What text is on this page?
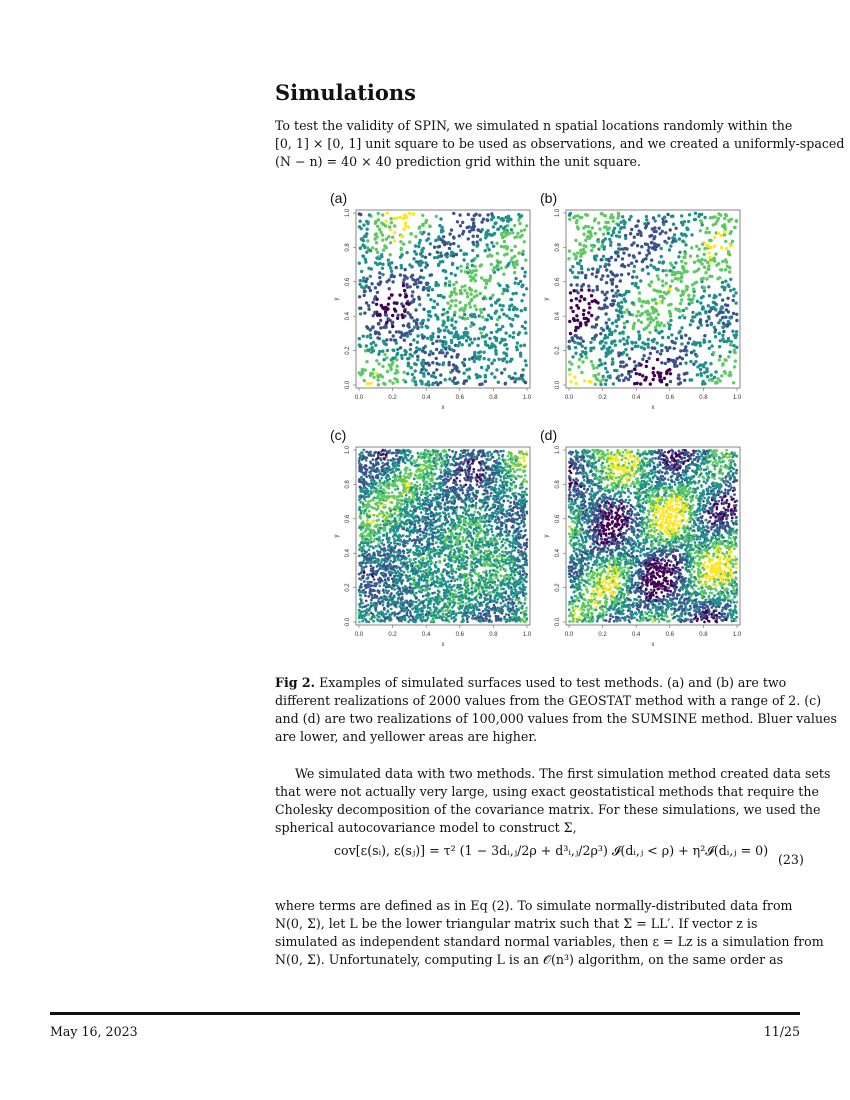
Simulations
To test the validity of SPIN, we simulated n spatial locations randomly within the
[0, 1] × [0, 1] unit square to be used as observations, and we created a uniformly-spaced
(N − n) = 40 × 40 prediction grid within the unit square.
(a)
0.0	0.2	0.4	0.6	0.8	1.0
0.0
0.2
0.4
0.6
0.8
1.0
x
y
(b)
0.0	0.2	0.4	0.6	0.8	1.0
0.0
0.2
0.4
0.6
0.8
1.0
x
y
(c)
0.0	0.2	0.4	0.6	0.8	1.0
0.0
0.2
0.4
0.6
0.8
1.0
x
y
(d)
0.0	0.2	0.4	0.6	0.8	1.0
0.0
0.2
0.4
0.6
0.8
1.0
x
y
Fig 2. Examples of simulated surfaces used to test methods. (a) and (b) are two
different realizations of 2000 values from the GEOSTAT method with a range of 2. (c)
and (d) are two realizations of 100,000 values from the SUMSINE method. Bluer values
are lower, and yellower areas are higher.
We simulated data with two methods. The first simulation method created data sets
that were not actually very large, using exact geostatistical methods that require the
Cholesky decomposition of the covariance matrix. For these simulations, we used the
spherical autocovariance model to construct Σ,
cov[ε(sᵢ), ε(sⱼ)] = τ² (1 − 3dᵢ,ⱼ/2ρ + d³ᵢ,ⱼ/2ρ³) 𝓘(dᵢ,ⱼ < ρ) + η²𝓘(dᵢ,ⱼ = 0)
(23)
where terms are defined as in Eq (2). To simulate normally-distributed data from
N(0, Σ), let L be the lower triangular matrix such that Σ = LL′. If vector z is
simulated as independent standard normal variables, then ε = Lz is a simulation from
N(0, Σ). Unfortunately, computing L is an 𝒪(n³) algorithm, on the same order as
May 16, 2023	11/25
